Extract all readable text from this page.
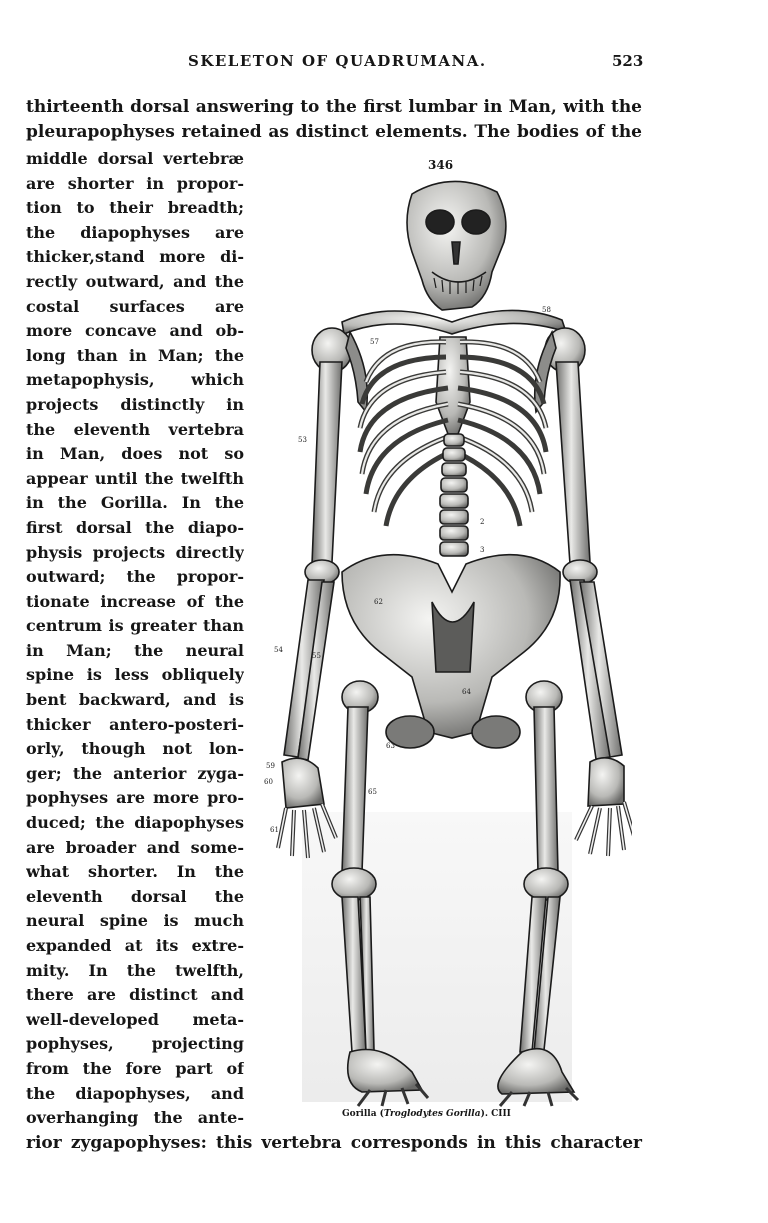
SKELETON OF QUADRUMANA.	523
thirteenth dorsal answering to the first lumbar in Man, with the
pleurapophyses retained as distinct elements. The bodies of the
middle dorsal vertebræ
are shorter in propor-
tion to their breadth;
the diapophyses are
thicker,stand more di-
rectly outward, and the
costal surfaces are
more concave and ob-
long than in Man; the
metapophysis, which
projects distinctly in
the eleventh vertebra
in Man, does not so
appear until the twelfth
in the Gorilla. In the
first dorsal the diapo-
physis projects directly
outward; the propor-
tionate increase of the
centrum is greater than
in Man; the neural
spine is less obliquely
bent backward, and is
thicker antero-posteri-
orly, though not lon-
ger; the anterior zyga-
pophyses are more pro-
duced; the diapophyses
are broader and some-
what shorter. In the
eleventh dorsal the
neural spine is much
expanded at its extre-
mity. In the twelfth,
there are distinct and
well-developed meta-
pophyses, projecting
from the fore part of
the diapophyses, and
overhanging the ante-
346
53
57
58
54
55
2
3
62
64
65
63
59
60
61
Gorilla (Troglodytes Gorilla). CIII
rior zygapophyses: this vertebra corresponds in this character
